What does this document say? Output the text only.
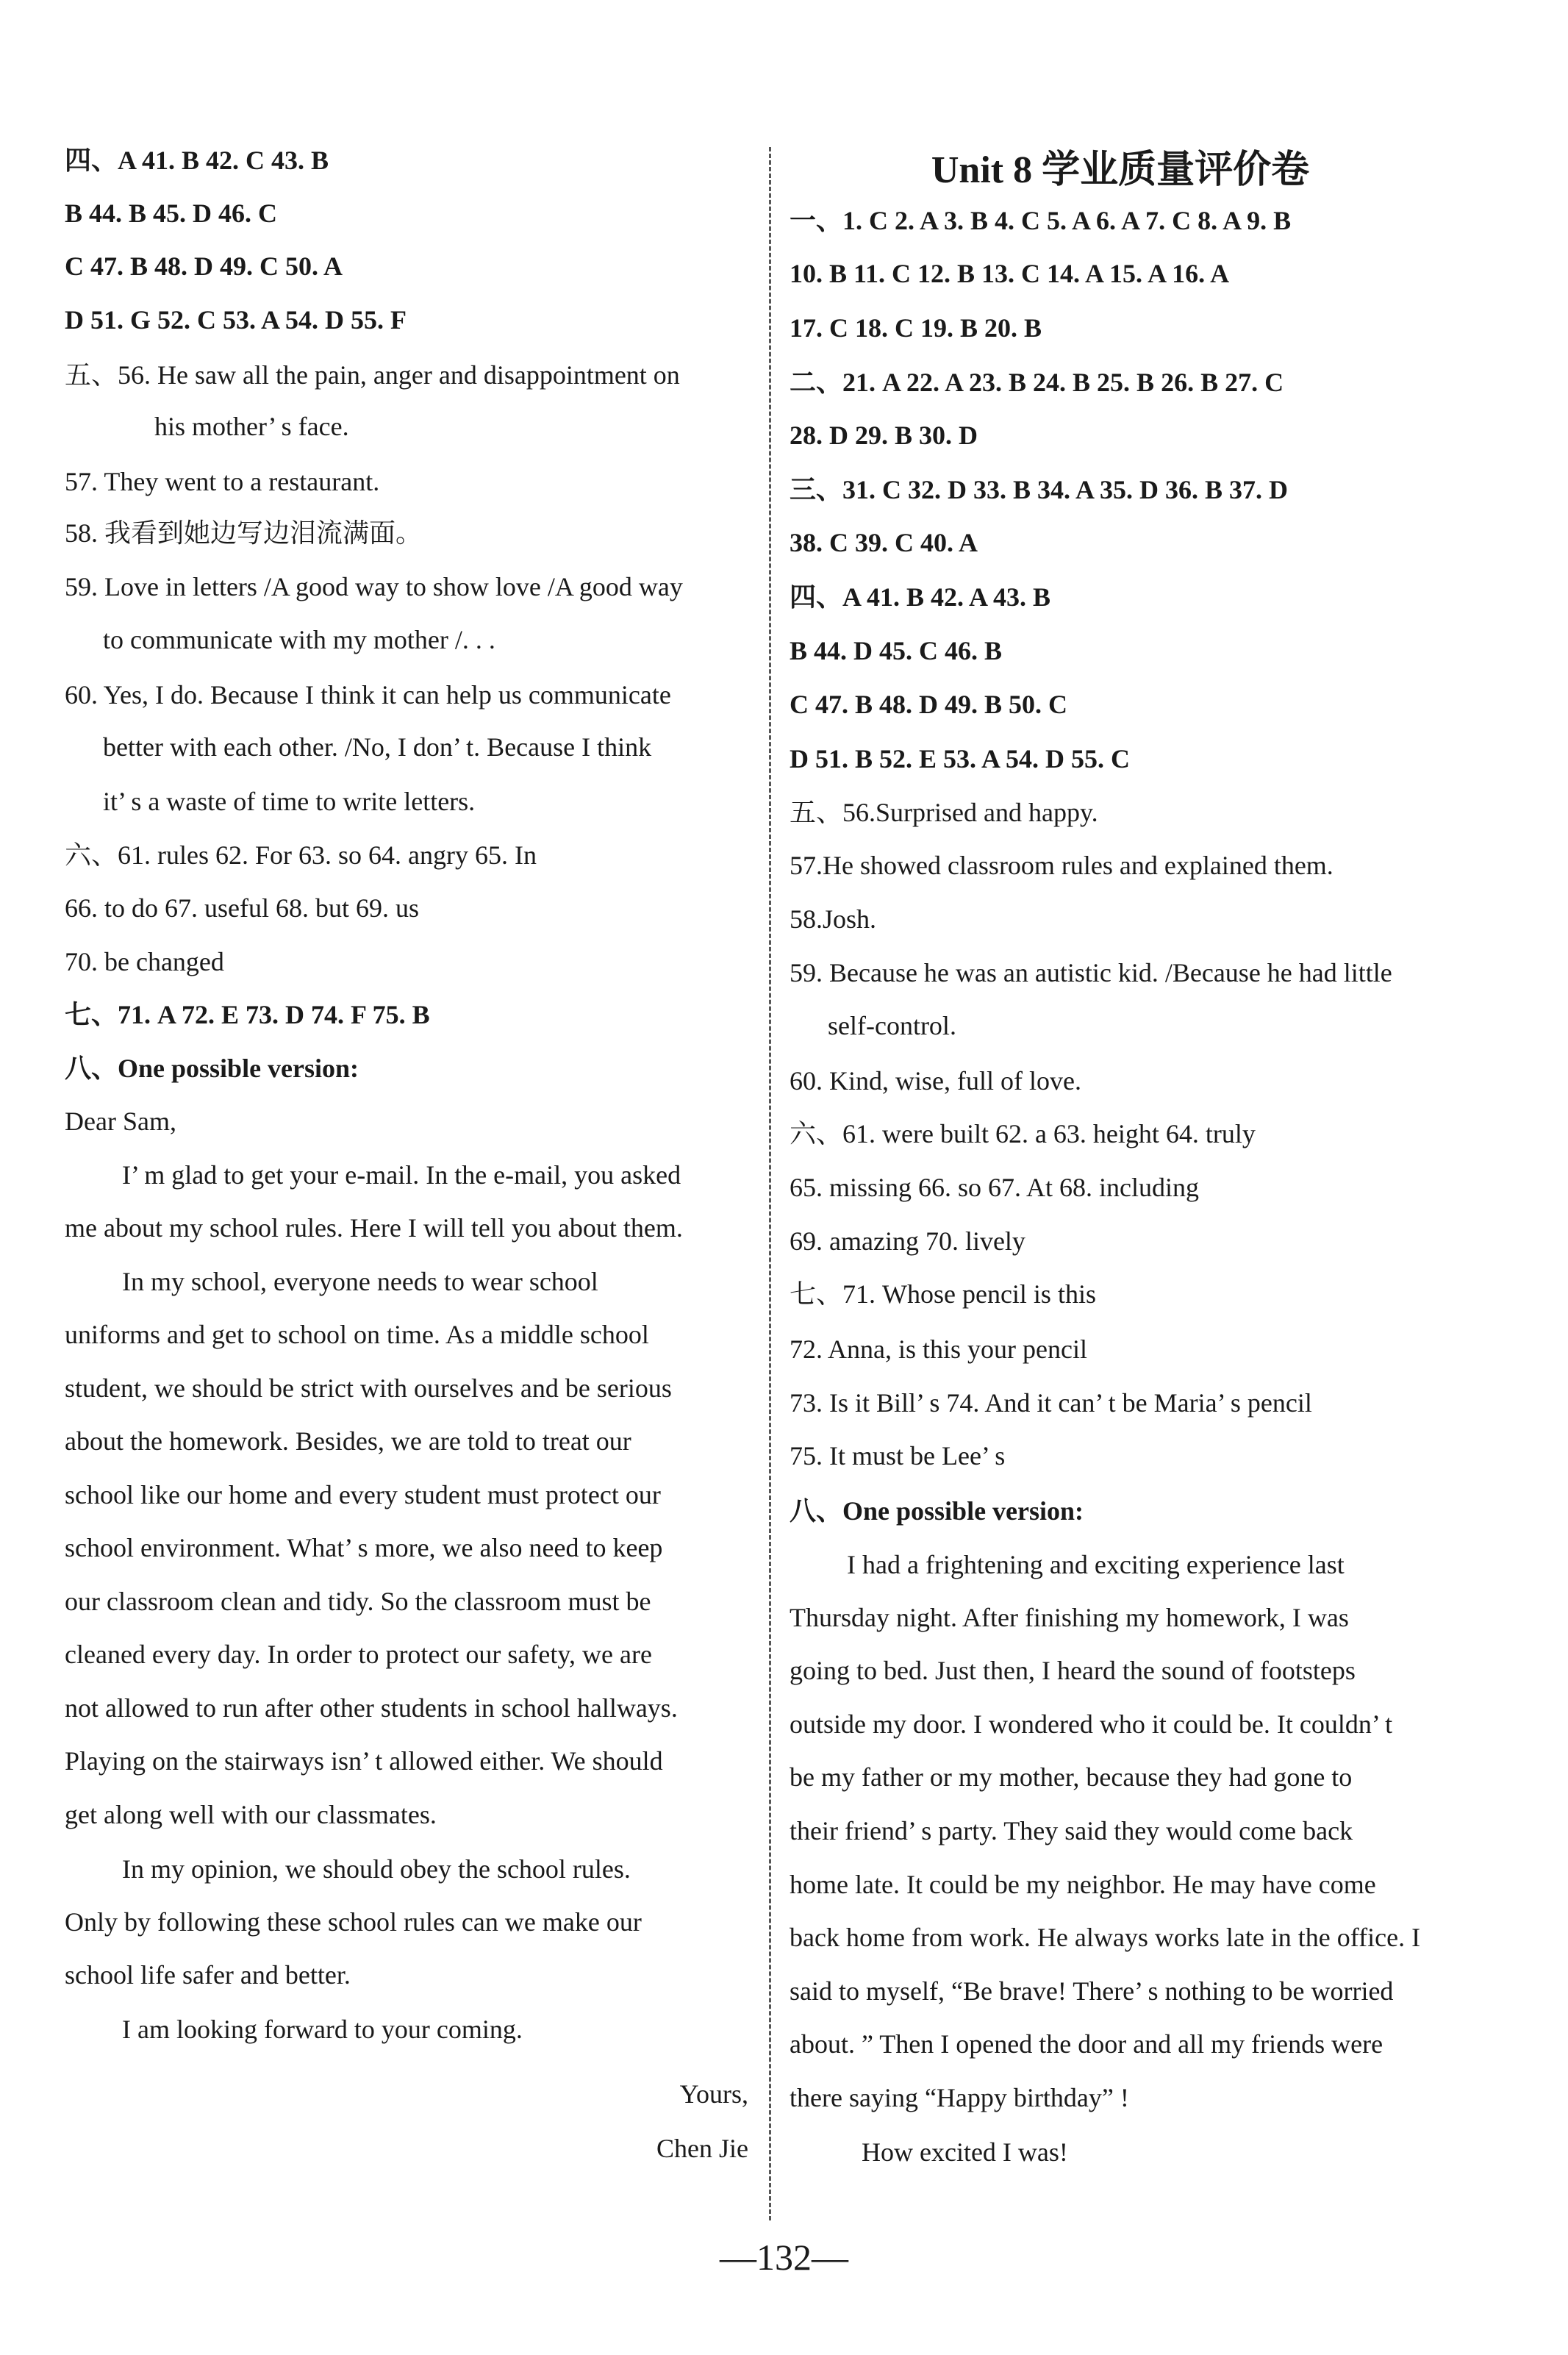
四、A 41. B 42. C 43. B
B 44. B 45. D 46. C
C 47. B 48. D 49. C 50. A
D 51. G 52. C 53. A 54. D 55. F
五、56. He saw all the pain, anger and disappointment on
his mother’ s face.
57. They went to a restaurant.
58. 我看到她边写边泪流满面。
59. Love in letters /A good way to show love /A good way
to communicate with my mother /. . .
60. Yes, I do. Because I think it can help us communicate
better with each other. /No, I don’ t. Because I think
it’ s a waste of time to write letters.
六、61. rules 62. For 63. so 64. angry 65. In
66. to do 67. useful 68. but 69. us
70. be changed
七、71. A 72. E 73. D 74. F 75. B
八、One possible version:
Dear Sam,
I’ m glad to get your e-mail. In the e-mail, you asked
me about my school rules. Here I will tell you about them.
In my school, everyone needs to wear school
uniforms and get to school on time. As a middle school
student, we should be strict with ourselves and be serious
about the homework. Besides, we are told to treat our
school like our home and every student must protect our
school environment. What’ s more, we also need to keep
our classroom clean and tidy. So the classroom must be
cleaned every day. In order to protect our safety, we are
not allowed to run after other students in school hallways.
Playing on the stairways isn’ t allowed either. We should
get along well with our classmates.
In my opinion, we should obey the school rules.
Only by following these school rules can we make our
school life safer and better.
I am looking forward to your coming.
Yours,
Chen Jie
Unit 8 学业质量评价卷
一、1. C 2. A 3. B 4. C 5. A 6. A 7. C 8. A 9. B
10. B 11. C 12. B 13. C 14. A 15. A 16. A
17. C 18. C 19. B 20. B
二、21. A 22. A 23. B 24. B 25. B 26. B 27. C
28. D 29. B 30. D
三、31. C 32. D 33. B 34. A 35. D 36. B 37. D
38. C 39. C 40. A
四、A 41. B 42. A 43. B
B 44. D 45. C 46. B
C 47. B 48. D 49. B 50. C
D 51. B 52. E 53. A 54. D 55. C
五、56.Surprised and happy.
57.He showed classroom rules and explained them.
58.Josh.
59. Because he was an autistic kid. /Because he had little
self-control.
60. Kind, wise, full of love.
六、61. were built 62. a 63. height 64. truly
65. missing 66. so 67. At 68. including
69. amazing 70. lively
七、71. Whose pencil is this
72. Anna, is this your pencil
73. Is it Bill’ s 74. And it can’ t be Maria’ s pencil
75. It must be Lee’ s
八、One possible version:
I had a frightening and exciting experience last
Thursday night. After finishing my homework, I was
going to bed. Just then, I heard the sound of footsteps
outside my door. I wondered who it could be. It couldn’ t
be my father or my mother, because they had gone to
their friend’ s party. They said they would come back
home late. It could be my neighbor. He may have come
back home from work. He always works late in the office. I
said to myself, “Be brave! There’ s nothing to be worried
about. ” Then I opened the door and all my friends were
there saying “Happy birthday” !
How excited I was!
—132—
